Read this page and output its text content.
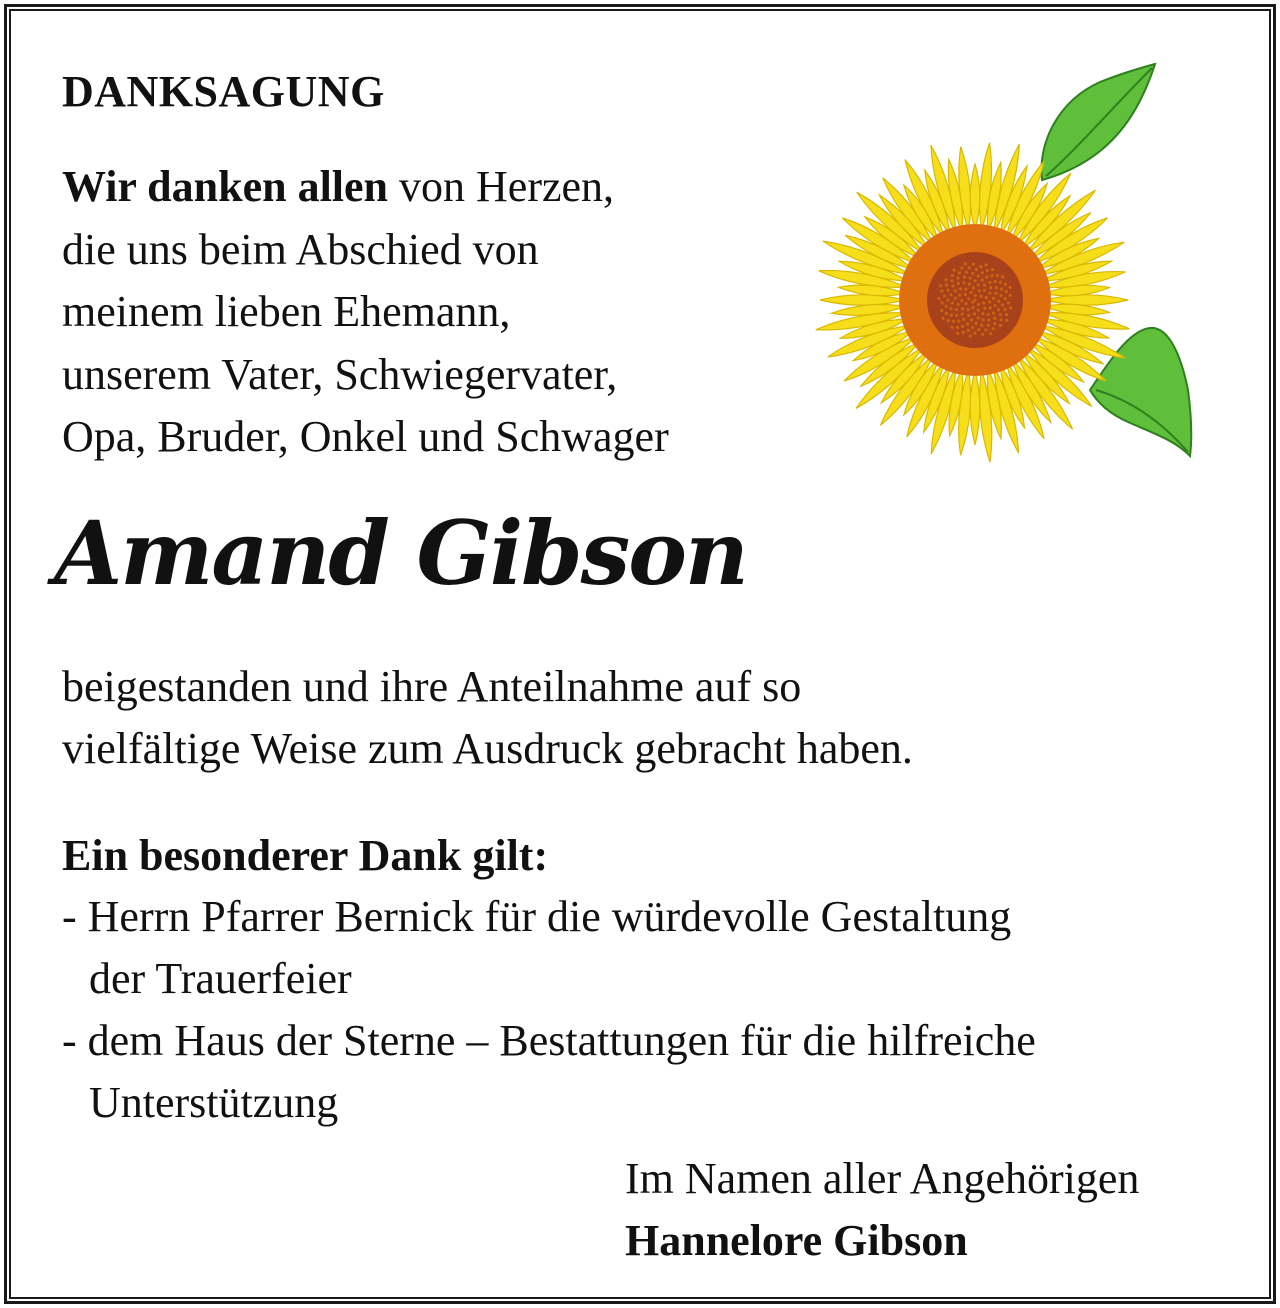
DANKSAGUNG

Wir danken allen von Herzen,
die uns beim Abschied von
meinem lieben Ehemann,
unserem Vater, Schwiegervater,
Opa, Bruder, Onkel und Schwager

Amand Gibson

beigestanden und ihre Anteilnahme auf so
vielfältige Weise zum Ausdruck gebracht haben.

Ein besonderer Dank gilt:

- Herrn Pfarrer Bernick für die würdevolle Gestaltung
der Trauerfeier
- dem Haus der Sterne – Bestattungen für die hilfreiche
Unterstützung

Im Namen aller Angehörigen
Hannelore Gibson
